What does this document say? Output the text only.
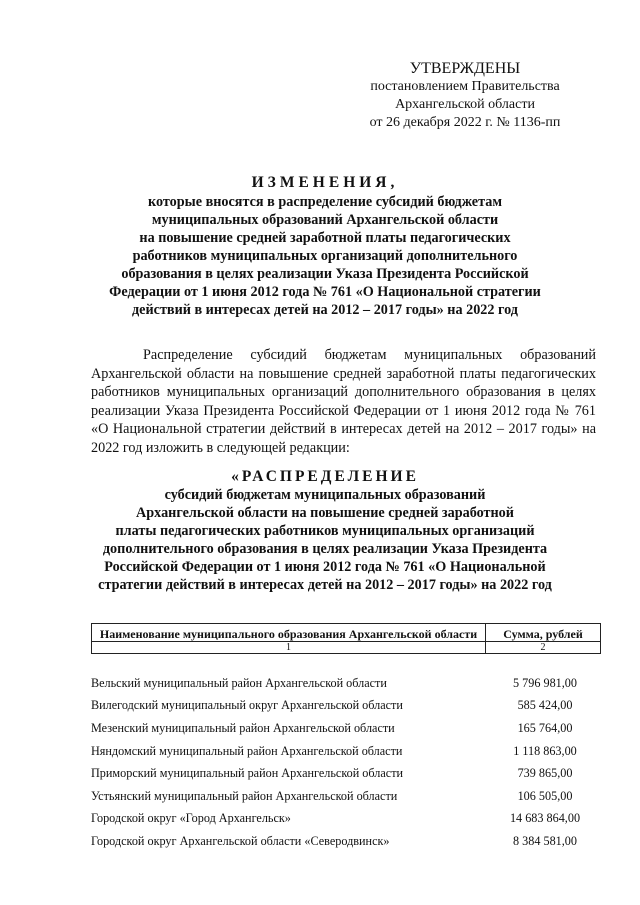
УТВЕРЖДЕНЫ
постановлением Правительства
Архангельской области
от 26 декабря 2022 г. № 1136-пп
ИЗМЕНЕНИЯ,
которые вносятся в распределение субсидий бюджетам
муниципальных образований Архангельской области
на повышение средней заработной платы педагогических
работников муниципальных организаций дополнительного
образования в целях реализации Указа Президента Российской
Федерации от 1 июня 2012 года № 761 «О Национальной стратегии
действий в интересах детей на 2012 – 2017 годы» на 2022 год
Распределение субсидий бюджетам муниципальных образований Архангельской области на повышение средней заработной платы педагогических работников муниципальных организаций дополнительного образования в целях реализации Указа Президента Российской Федерации от 1 июня 2012 года № 761 «О Национальной стратегии действий в интересах детей на 2012 – 2017 годы» на 2022 год изложить в следующей редакции:
«РАСПРЕДЕЛЕНИЕ
субсидий бюджетам муниципальных образований
Архангельской области на повышение средней заработной
платы педагогических работников муниципальных организаций
дополнительного образования в целях реализации Указа Президента
Российской Федерации от 1 июня 2012 года № 761 «О Национальной
стратегии действий в интересах детей на 2012 – 2017 годы» на 2022 год
Наименование муниципального образования Архангельской области	Сумма, рублей
1	2
Вельский муниципальный район Архангельской области	5 796 981,00
Вилегодский муниципальный округ Архангельской области	585 424,00
Мезенский муниципальный район Архангельской области	165 764,00
Няндомский муниципальный район Архангельской области	1 118 863,00
Приморский муниципальный район Архангельской области	739 865,00
Устьянский муниципальный район Архангельской области	106 505,00
Городской округ «Город Архангельск»	14 683 864,00
Городской округ Архангельской области «Северодвинск»	8 384 581,00
